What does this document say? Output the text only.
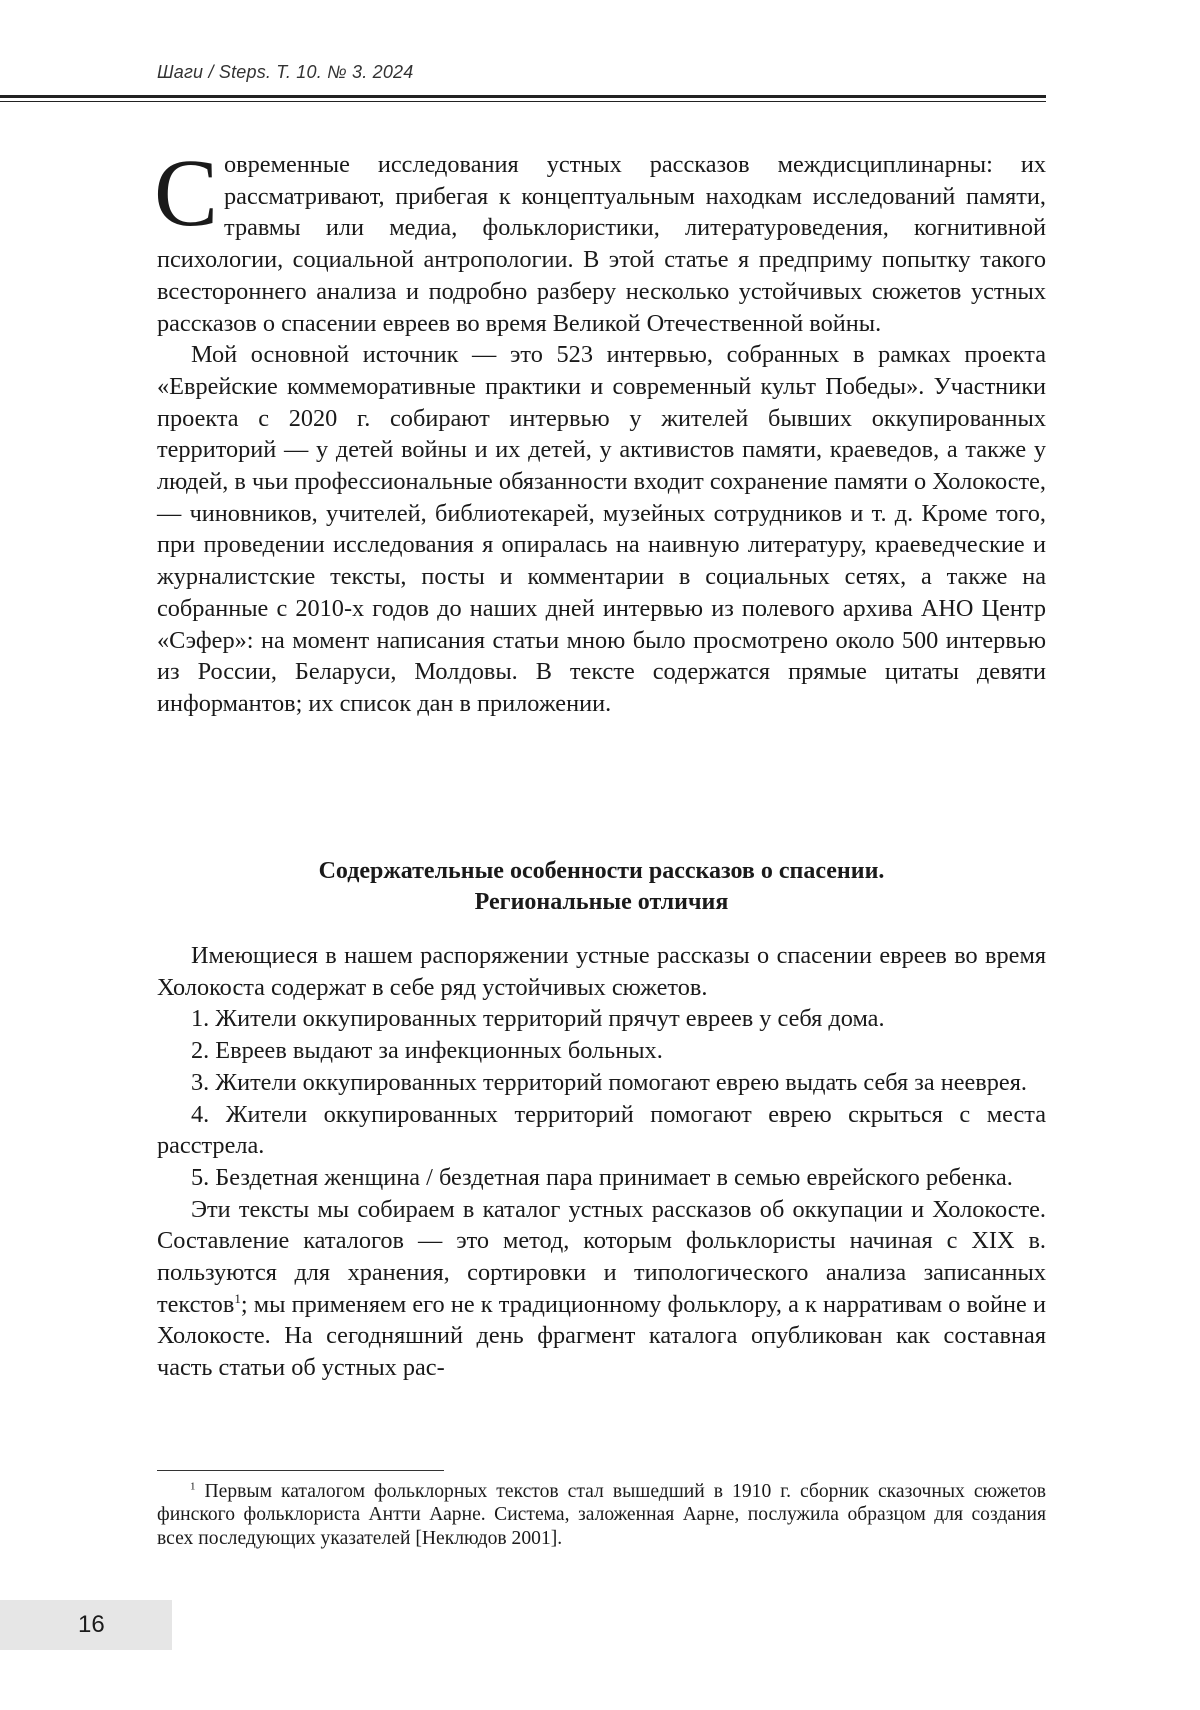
Шаги / Steps. Т. 10. № 3. 2024

Современные исследования устных рассказов междисциплинарны: их рассматривают, прибегая к концептуальным находкам исследований памяти, травмы или медиа, фольклористики, литературоведения, когнитивной психологии, социальной антропологии. В этой статье я предприму попытку такого всестороннего анализа и подробно разберу несколько устойчивых сюжетов устных рассказов о спасении евреев во время Великой Отечественной войны.

Мой основной источник — это 523 интервью, собранных в рамках проекта «Еврейские коммеморативные практики и современный культ Победы». Участники проекта с 2020 г. собирают интервью у жителей бывших оккупированных территорий — у детей войны и их детей, у активистов памяти, краеведов, а также у людей, в чьи профессиональные обязанности входит сохранение памяти о Холокосте, — чиновников, учителей, библиотекарей, музейных сотрудников и т. д. Кроме того, при проведении исследования я опиралась на наивную литературу, краеведческие и журналистские тексты, посты и комментарии в социальных сетях, а также на собранные с 2010-х годов до наших дней интервью из полевого архива АНО Центр «Сэфер»: на момент написания статьи мною было просмотрено около 500 интервью из России, Беларуси, Молдовы. В тексте содержатся прямые цитаты девяти информантов; их список дан в приложении.

Содержательные особенности рассказов о спасении.
Региональные отличия

Имеющиеся в нашем распоряжении устные рассказы о спасении евреев во время Холокоста содержат в себе ряд устойчивых сюжетов.

1. Жители оккупированных территорий прячут евреев у себя дома.

2. Евреев выдают за инфекционных больных.

3. Жители оккупированных территорий помогают еврею выдать себя за нееврея.

4. Жители оккупированных территорий помогают еврею скрыться с места расстрела.

5. Бездетная женщина / бездетная пара принимает в семью еврейского ребенка.

Эти тексты мы собираем в каталог устных рассказов об оккупации и Холокосте. Составление каталогов — это метод, которым фольклористы начиная с XIX в. пользуются для хранения, сортировки и типологического анализа записанных текстов$^1$; мы применяем его не к традиционному фольклору, а к нарративам о войне и Холокосте. На сегодняшний день фрагмент каталога опубликован как составная часть статьи об устных рас-

$^1$ Первым каталогом фольклорных текстов стал вышедший в 1910 г. сборник сказочных сюжетов финского фольклориста Антти Аарне. Система, заложенная Аарне, послужила образцом для создания всех последующих указателей [Неклюдов 2001].

16
